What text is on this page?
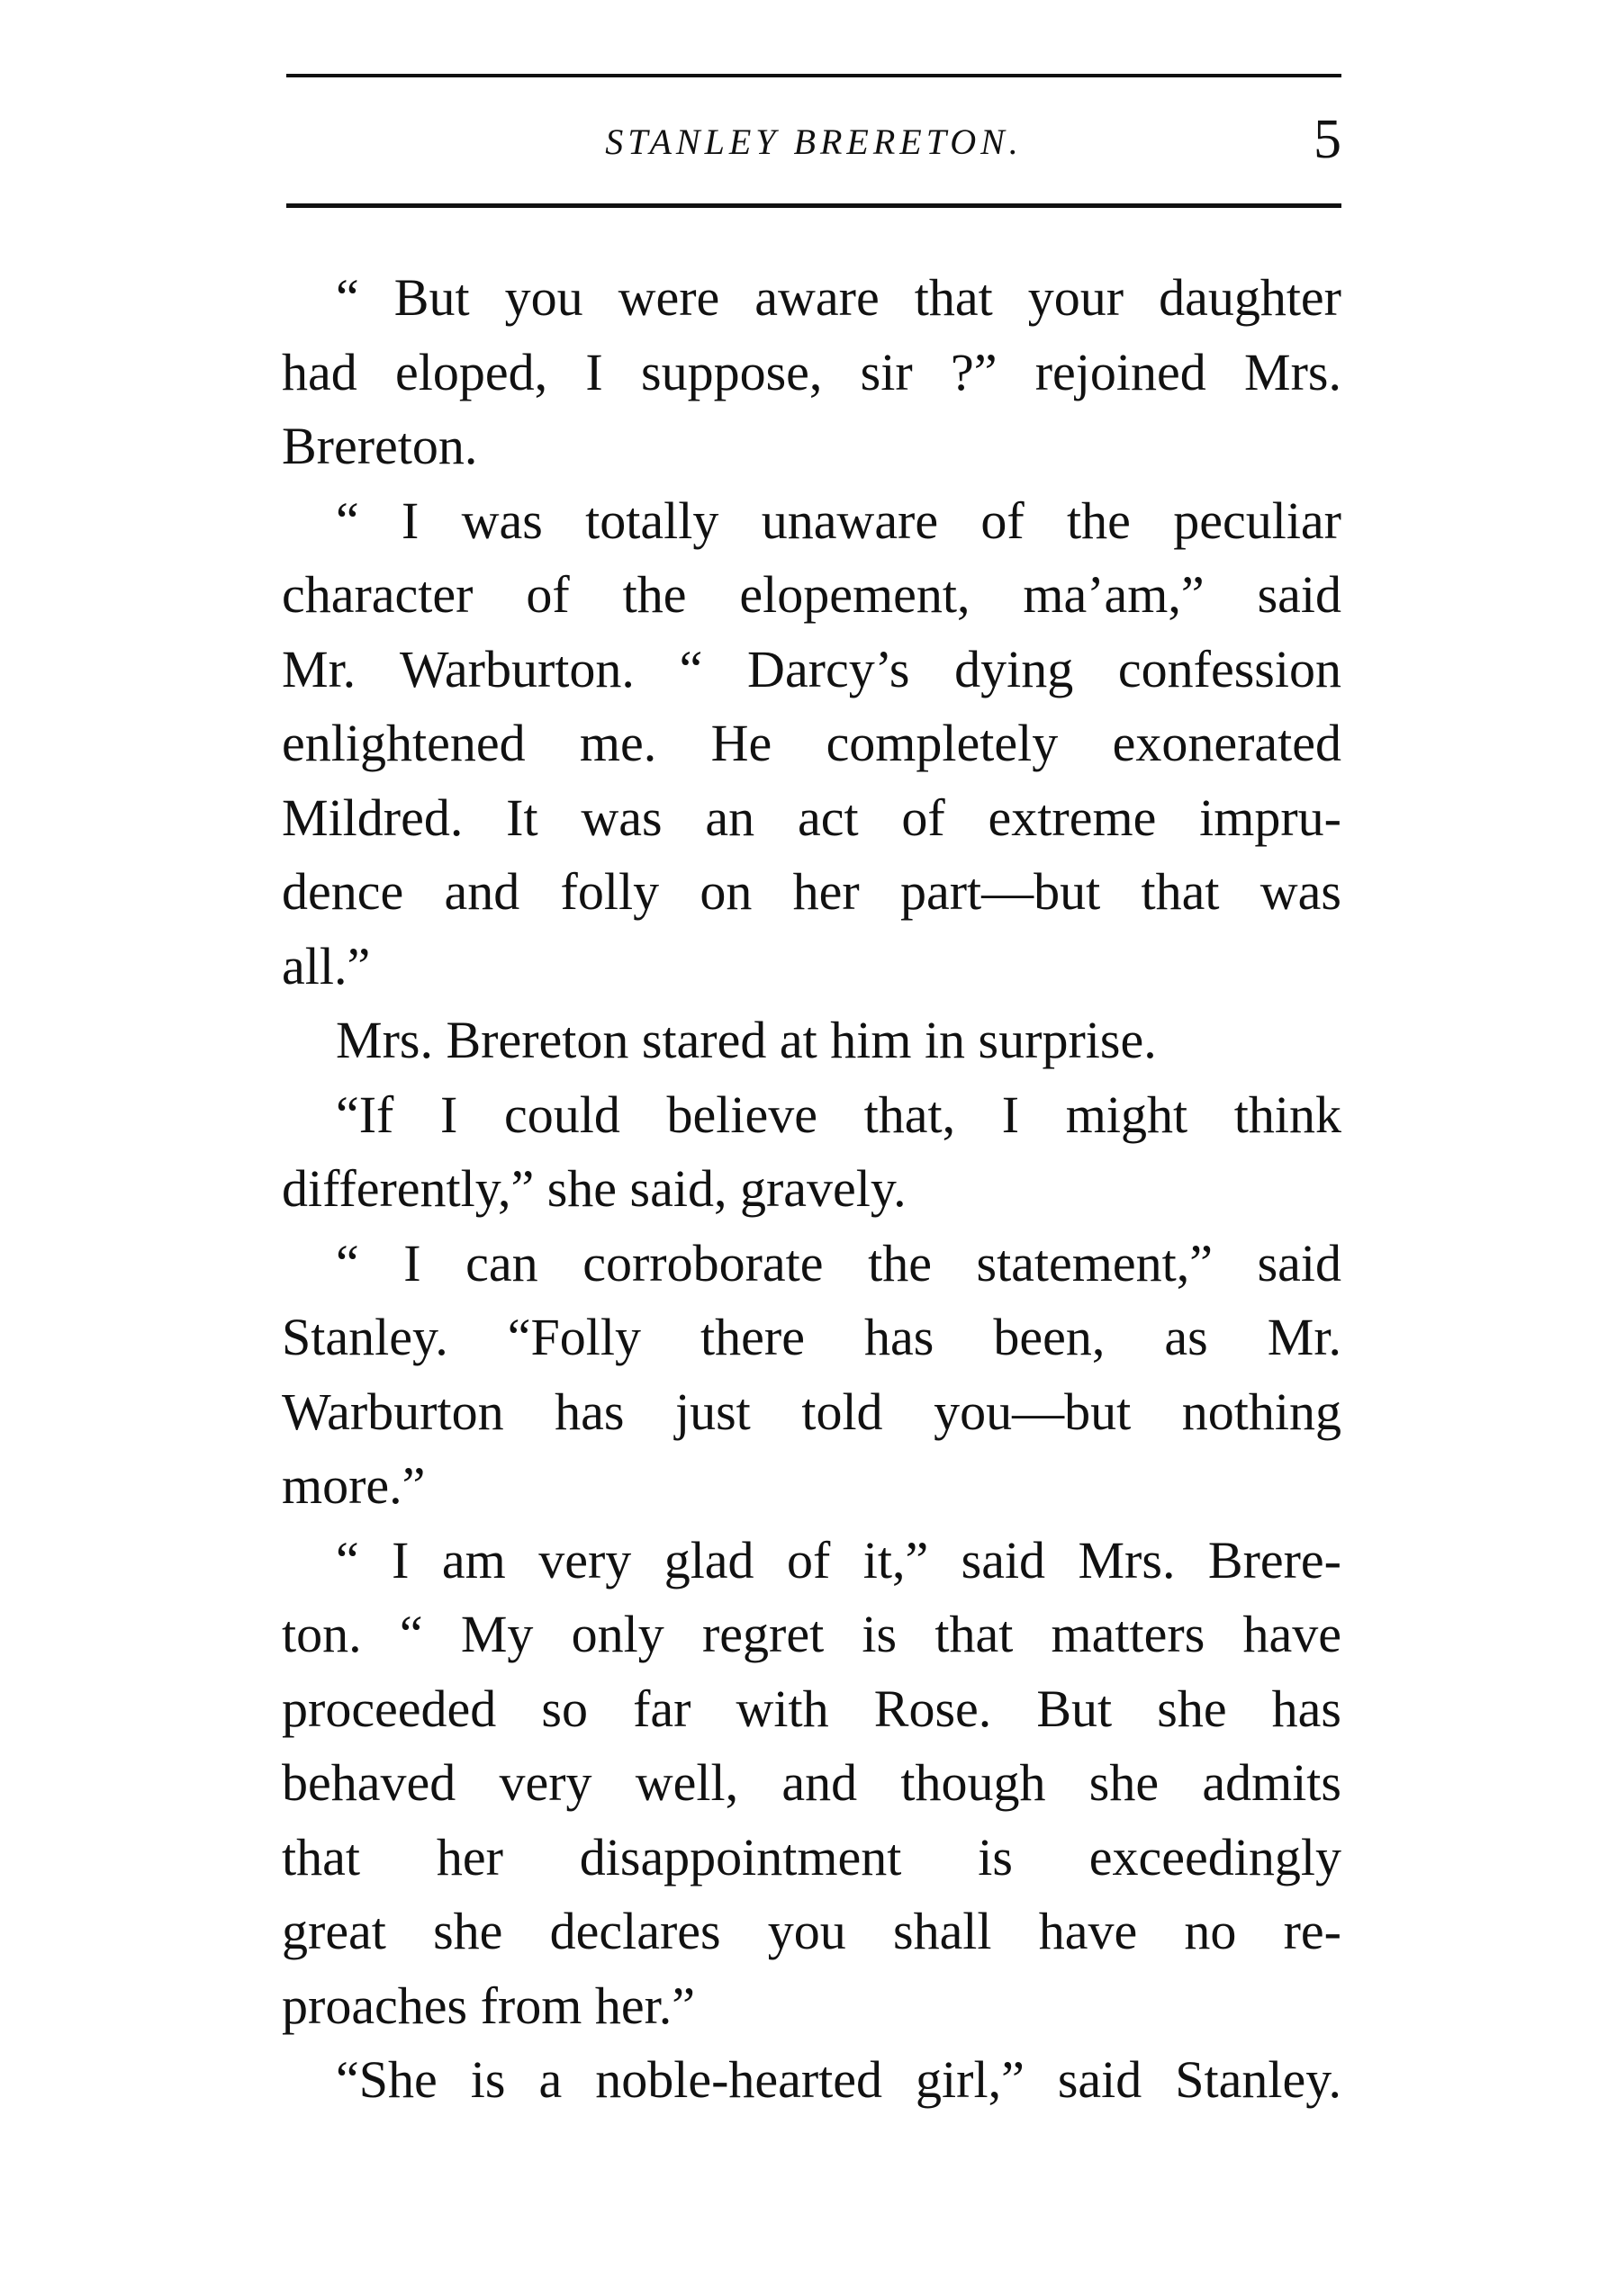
STANLEY BRERETON.	5
“ But you were aware that your daughter
had eloped, I suppose, sir ?” rejoined Mrs.
Brereton.
“ I was totally unaware of the peculiar
character of the elopement, ma’am,” said
Mr. Warburton. “ Darcy’s dying confession
enlightened me. He completely exonerated
Mildred. It was an act of extreme impru-
dence and folly on her part—but that was
all.”
Mrs. Brereton stared at him in surprise.
“If I could believe that, I might think
differently,” she said, gravely.
“ I can corroborate the statement,” said
Stanley. “Folly there has been, as Mr.
Warburton has just told you—but nothing
more.”
“ I am very glad of it,” said Mrs. Brere-
ton. “ My only regret is that matters have
proceeded so far with Rose. But she has
behaved very well, and though she admits
that her disappointment is exceedingly
great she declares you shall have no re-
proaches from her.”
“She is a noble-hearted girl,” said Stanley.
